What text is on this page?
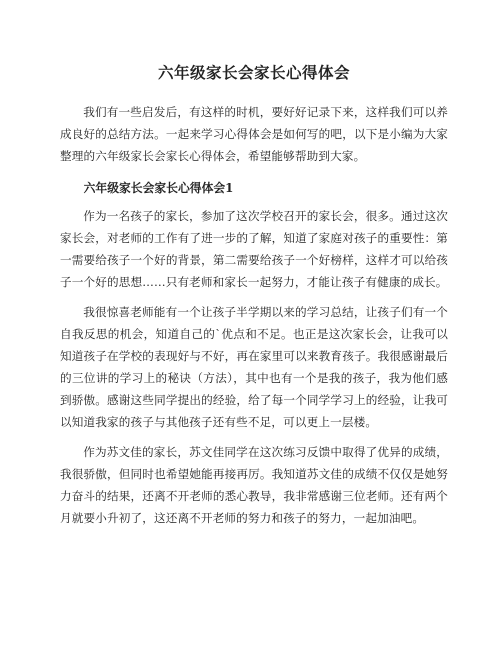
六年级家长会家长心得体会

我们有一些启发后，有这样的时机，要好好记录下来，这样我们可以养成良好的总结方法。一起来学习心得体会是如何写的吧，以下是小编为大家整理的六年级家长会家长心得体会，希望能够帮助到大家。

六年级家长会家长心得体会1

作为一名孩子的家长，参加了这次学校召开的家长会，很多。通过这次家长会，对老师的工作有了进一步的了解，知道了家庭对孩子的重要性：第一需要给孩子一个好的背景，第二需要给孩子一个好榜样，这样才可以给孩子一个好的思想……只有老师和家长一起努力，才能让孩子有健康的成长。

我很惊喜老师能有一个让孩子半学期以来的学习总结，让孩子们有一个自我反思的机会，知道自己的`优点和不足。也正是这次家长会，让我可以知道孩子在学校的表现好与不好，再在家里可以来教育孩子。我很感谢最后的三位讲的学习上的秘诀（方法），其中也有一个是我的孩子，我为他们感到骄傲。感谢这些同学提出的经验，给了每一个同学学习上的经验，让我可以知道我家的孩子与其他孩子还有些不足，可以更上一层楼。

作为苏文佳的家长，苏文佳同学在这次练习反馈中取得了优异的成绩，我很骄傲，但同时也希望她能再接再厉。我知道苏文佳的成绩不仅仅是她努力奋斗的结果，还离不开老师的悉心教导，我非常感谢三位老师。还有两个月就要小升初了，这还离不开老师的努力和孩子的努力，一起加油吧。
